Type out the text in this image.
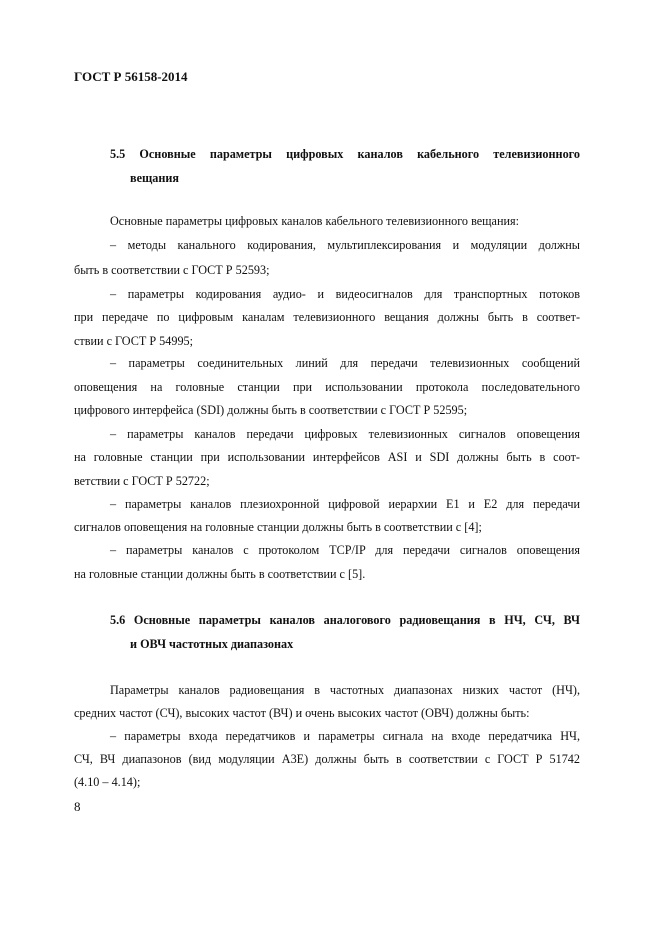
ГОСТ Р 56158-2014
5.5 Основные параметры цифровых каналов кабельного телевизионного
вещания
Основные параметры цифровых каналов кабельного телевизионного вещания:
– методы канального кодирования, мультиплексирования и модуляции должны
быть в соответствии с ГОСТ Р 52593;
– параметры кодирования аудио- и видеосигналов для транспортных потоков
при передаче по цифровым каналам телевизионного вещания должны быть в соответ-
ствии с ГОСТ Р 54995;
– параметры соединительных линий для передачи телевизионных сообщений
оповещения на головные станции при использовании протокола последовательного
цифрового интерфейса (SDI) должны быть в соответствии с ГОСТ Р 52595;
– параметры каналов передачи цифровых телевизионных сигналов оповещения
на головные станции при использовании интерфейсов ASI и SDI должны быть в соот-
ветствии с ГОСТ Р 52722;
– параметры каналов плезиохронной цифровой иерархии Е1 и Е2 для передачи
сигналов оповещения на головные станции должны быть в соответствии с [4];
– параметры каналов с протоколом TCP/IP для передачи сигналов оповещения
на головные станции должны быть в соответствии с [5].
5.6 Основные параметры каналов аналогового радиовещания в НЧ, СЧ, ВЧ
и ОВЧ частотных диапазонах
Параметры каналов радиовещания в частотных диапазонах низких частот (НЧ),
средних частот (СЧ), высоких частот (ВЧ) и очень высоких частот (ОВЧ) должны быть:
– параметры входа передатчиков и параметры сигнала на входе передатчика НЧ,
СЧ, ВЧ диапазонов (вид модуляции А3Е) должны быть в соответствии с ГОСТ Р 51742
(4.10 – 4.14);
8
